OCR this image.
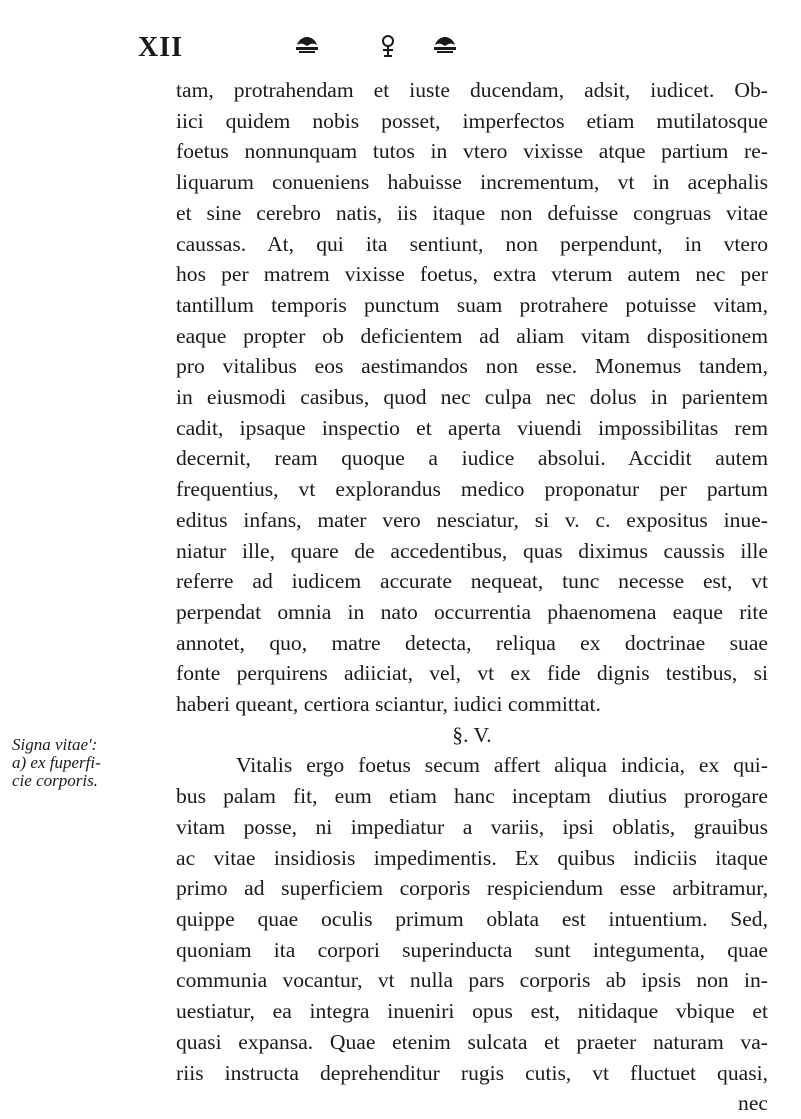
XII
Signa vitae':
a) ex fuperfi-
cie corporis.
tam, protrahendam et iuste ducendam, adsit, iudicet. Ob-
iici quidem nobis posset, imperfectos etiam mutilatosque
foetus nonnunquam tutos in vtero vixisse atque partium re-
liquarum conueniens habuisse incrementum, vt in acephalis
et sine cerebro natis, iis itaque non defuisse congruas vitae
caussas. At, qui ita sentiunt, non perpendunt, in vtero
hos per matrem vixisse foetus, extra vterum autem nec per
tantillum temporis punctum suam protrahere potuisse vitam,
eaque propter ob deficientem ad aliam vitam dispositionem
pro vitalibus eos aestimandos non esse. Monemus tandem,
in eiusmodi casibus, quod nec culpa nec dolus in parientem
cadit, ipsaque inspectio et aperta viuendi impossibilitas rem
decernit, ream quoque a iudice absolui. Accidit autem
frequentius, vt explorandus medico proponatur per partum
editus infans, mater vero nesciatur, si v. c. expositus inue-
niatur ille, quare de accedentibus, quas diximus caussis ille
referre ad iudicem accurate nequeat, tunc necesse est, vt
perpendat omnia in nato occurrentia phaenomena eaque rite
annotet, quo, matre detecta, reliqua ex doctrinae suae
fonte perquirens adiiciat, vel, vt ex fide dignis testibus, si
haberi queant, certiora sciantur, iudici committat.
§. V.
Vitalis ergo foetus secum affert aliqua indicia, ex qui-
bus palam fit, eum etiam hanc inceptam diutius prorogare
vitam posse, ni impediatur a variis, ipsi oblatis, grauibus
ac vitae insidiosis impedimentis. Ex quibus indiciis itaque
primo ad superficiem corporis respiciendum esse arbitramur,
quippe quae oculis primum oblata est intuentium. Sed,
quoniam ita corpori superinducta sunt integumenta, quae
communia vocantur, vt nulla pars corporis ab ipsis non in-
uestiatur, ea integra inueniri opus est, nitidaque vbique et
quasi expansa. Quae etenim sulcata et praeter naturam va-
riis instructa deprehenditur rugis cutis, vt fluctuet quasi,
nec
